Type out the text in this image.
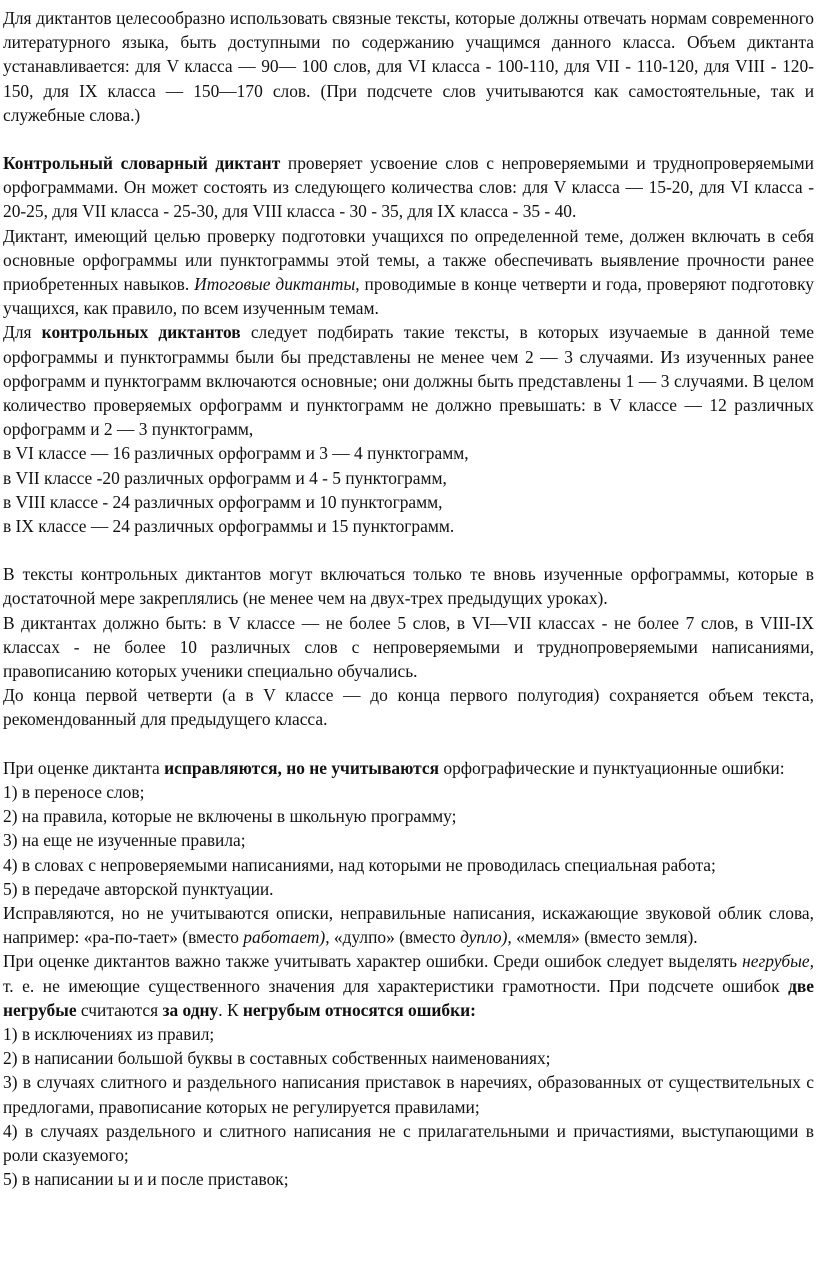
Для диктантов целесообразно использовать связные тексты, которые должны отвечать нормам современного литературного языка, быть доступными по содержанию учащимся данного класса. Объем диктанта устанавливается: для V класса — 90— 100 слов, для VI класса - 100-110, для VII - 110-120, для VIII - 120-150, для IX класса — 150—170 слов. (При подсчете слов учитываются как самостоятельные, так и служебные слова.)

Контрольный словарный диктант проверяет усвоение слов с непроверяемыми и труднопроверяемыми орфограммами. Он может состоять из следующего количества слов: для V класса — 15-20, для VI класса - 20-25, для VII класса - 25-30, для VIII класса - 30 - 35, для IX класса - 35 - 40.

Диктант, имеющий целью проверку подготовки учащихся по определенной теме, должен включать в себя основные орфограммы или пунктограммы этой темы, а также обеспечивать выявление прочности ранее приобретенных навыков. Итоговые диктанты, проводимые в конце четверти и года, проверяют подготовку учащихся, как правило, по всем изученным темам.

Для контрольных диктантов следует подбирать такие тексты, в которых изучаемые в данной теме орфограммы и пунктограммы были бы представлены не менее чем 2 — 3 случаями. Из изученных ранее орфограмм и пунктограмм включаются основные; они должны быть представлены 1 — 3 случаями. В целом количество проверяемых орфограмм и пунктограмм не должно превышать: в V классе — 12 различных орфограмм и 2 — 3 пунктограмм,

в VI классе — 16 различных орфограмм и 3 — 4 пунктограмм,

в VII классе -20 различных орфограмм и 4 - 5 пунктограмм,

в VIII классе - 24 различных орфограмм и 10 пунктограмм,

в IX классе — 24 различных орфограммы и 15 пунктограмм.

В тексты контрольных диктантов могут включаться только те вновь изученные орфограммы, которые в достаточной мере закреплялись (не менее чем на двух-трех предыдущих уроках).

В диктантах должно быть: в V классе — не более 5 слов, в VI—VII классах - не более 7 слов, в VIII-IX классах - не более 10 различных слов с непроверяемыми и труднопроверяемыми написаниями, правописанию которых ученики специально обучались.

До конца первой четверти (а в V классе — до конца первого полугодия) сохраняется объем текста, рекомендованный для предыдущего класса.

При оценке диктанта исправляются, но не учитываются орфографические и пунктуационные ошибки:

1) в переносе слов;
2) на правила, которые не включены в школьную программу;
3) на еще не изученные правила;
4) в словах с непроверяемыми написаниями, над которыми не проводилась специальная работа;
5) в передаче авторской пунктуации.

Исправляются, но не учитываются описки, неправильные написания, искажающие звуковой облик слова, например: «ра-по-тает» (вместо работает), «дулпо» (вместо дупло), «мемля» (вместо земля).

При оценке диктантов важно также учитывать характер ошибки. Среди ошибок следует выделять негрубые, т. е. не имеющие существенного значения для характеристики грамотности. При подсчете ошибок две негрубые считаются за одну. К негрубым относятся ошибки:

1) в исключениях из правил;
2) в написании большой буквы в составных собственных наименованиях;
3) в случаях слитного и раздельного написания приставок в наречиях, образованных от существительных с предлогами, правописание которых не регулируется правилами;
4) в случаях раздельного и слитного написания не с прилагательными и причастиями, выступающими в роли сказуемого;
5) в написании ы и и после приставок;
